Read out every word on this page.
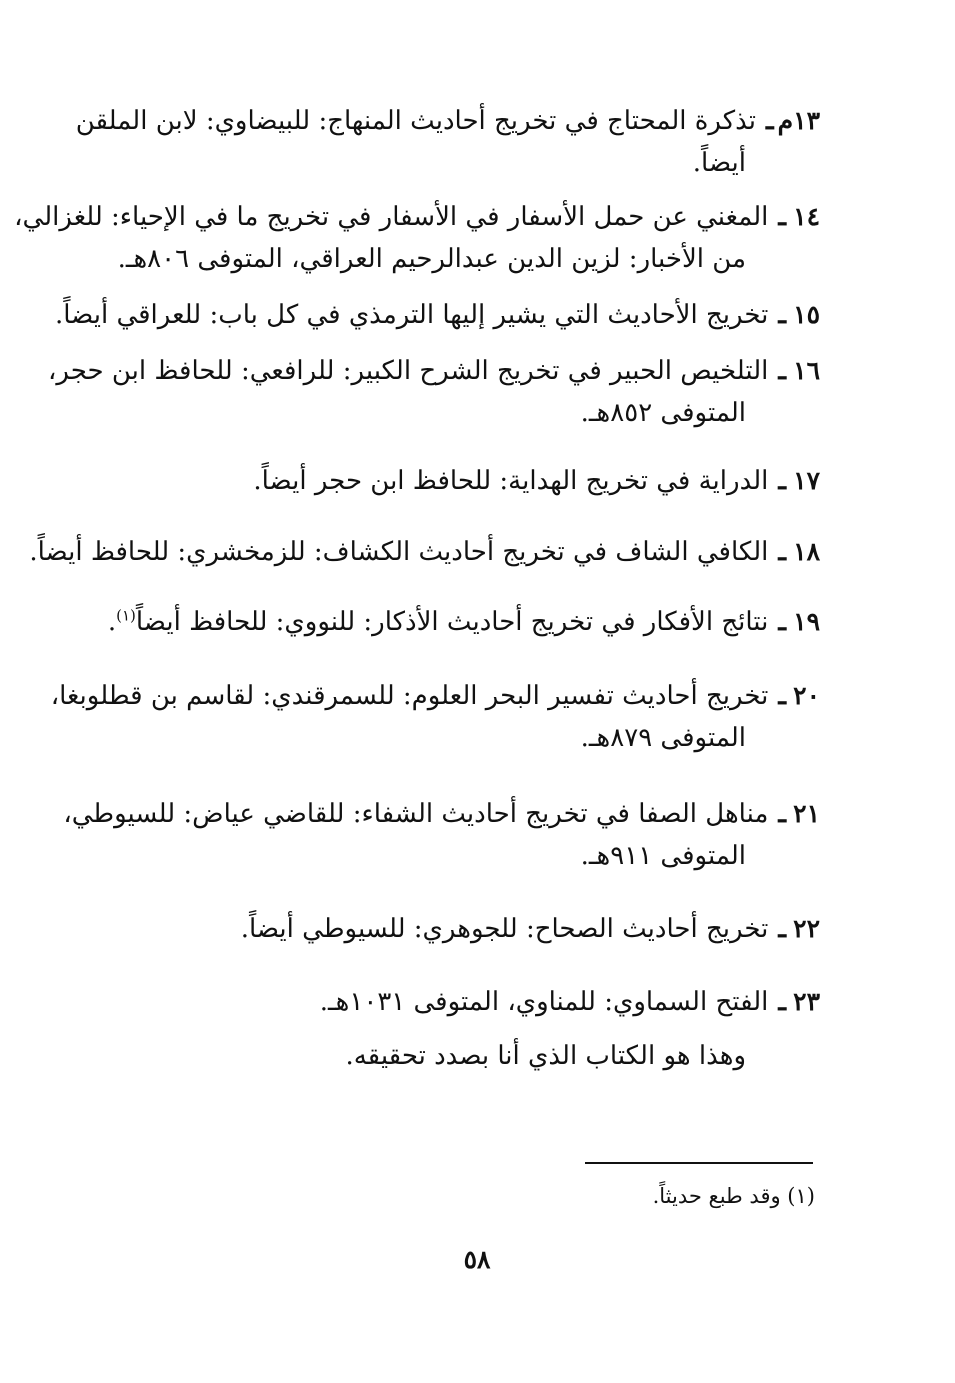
١٣م
ـ
تذكرة المحتاج في تخريج أحاديث المنهاج: للبيضاوي: لابن الملقن
أيضاً.
١٤
ـ
المغني عن حمل الأسفار في الأسفار في تخريج ما في الإحياء: للغزالي،
من الأخبار: لزين الدين عبدالرحيم العراقي، المتوفى ٨٠٦هـ.
١٥
ـ
تخريج الأحاديث التي يشير إليها الترمذي في كل باب: للعراقي أيضاً.
١٦
ـ
التلخيص الحبير في تخريج الشرح الكبير: للرافعي: للحافظ ابن حجر،
المتوفى ٨٥٢هـ.
١٧
ـ
الدراية في تخريج الهداية: للحافظ ابن حجر أيضاً.
١٨
ـ
الكافي الشاف في تخريج أحاديث الكشاف: للزمخشري: للحافظ أيضاً.
١٩
ـ
نتائج الأفكار في تخريج أحاديث الأذكار: للنووي: للحافظ أيضاً$^{(١)}$.
٢٠
ـ
تخريج أحاديث تفسير البحر العلوم: للسمرقندي: لقاسم بن قطلوبغا،
المتوفى ٨٧٩هـ.
٢١
ـ
مناهل الصفا في تخريج أحاديث الشفاء: للقاضي عياض: للسيوطي،
المتوفى ٩١١هـ.
٢٢
ـ
تخريج أحاديث الصحاح: للجوهري: للسيوطي أيضاً.
٢٣
ـ
الفتح السماوي: للمناوي، المتوفى ١٠٣١هـ.
وهذا هو الكتاب الذي أنا بصدد تحقيقه.
(١) وقد طبع حديثاً.
٥٨
